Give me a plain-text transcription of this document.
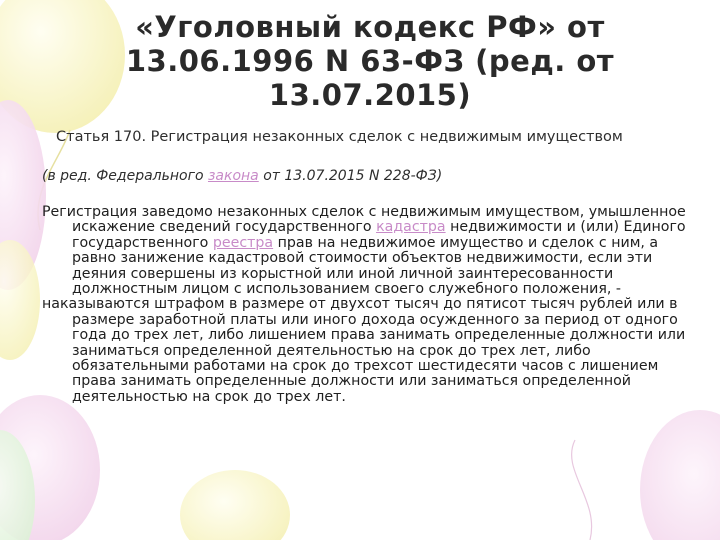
«Уголовный кодекс РФ» от
13.06.1996 N 63-ФЗ (ред. от
13.07.2015)
Статья 170. Регистрация незаконных сделок с недвижимым имуществом
(в ред. Федерального закона от 13.07.2015 N 228-ФЗ)

Регистрация заведомо незаконных сделок с недвижимым имуществом, умышленное искажение сведений государственного кадастра недвижимости и (или) Единого государственного реестра прав на недвижимое имущество и сделок с ним, а равно занижение кадастровой стоимости объектов недвижимости, если эти деяния совершены из корыстной или иной личной заинтересованности должностным лицом с использованием своего служебного положения, -

наказываются штрафом в размере от двухсот тысяч до пятисот тысяч рублей или в размере заработной платы или иного дохода осужденного за период от одного года до трех лет, либо лишением права занимать определенные должности или заниматься определенной деятельностью на срок до трех лет, либо обязательными работами на срок до трехсот шестидесяти часов с лишением права занимать определенные должности или заниматься определенной деятельностью на срок до трех лет.
